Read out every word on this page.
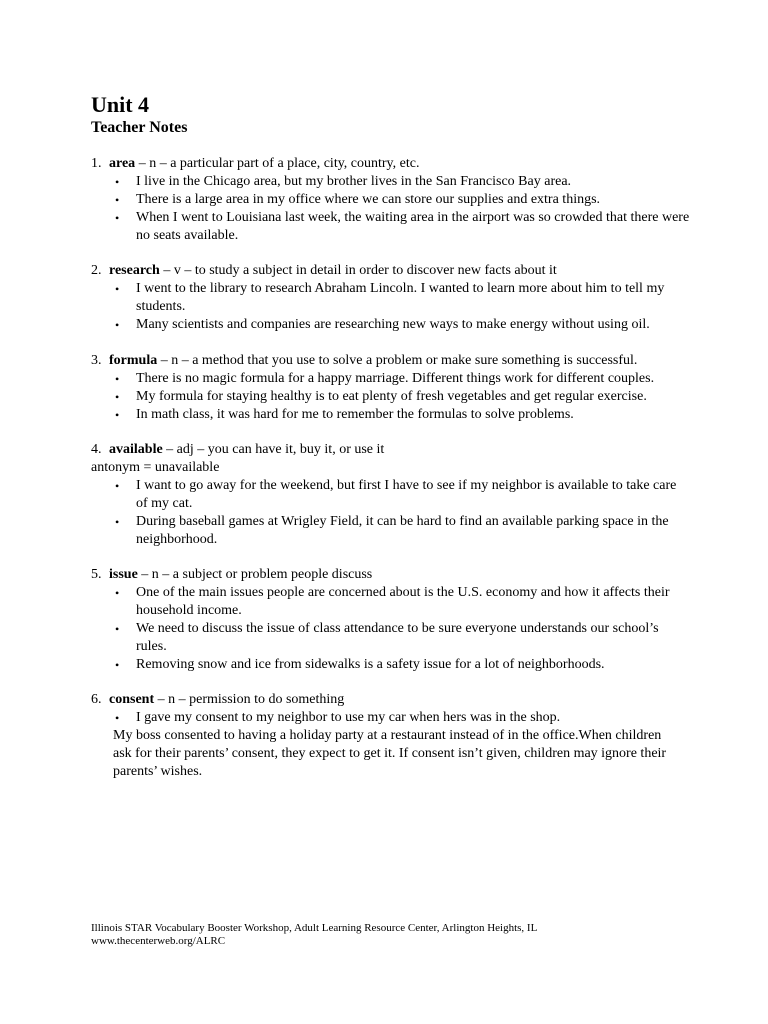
Unit 4
Teacher Notes
1. area – n – a particular part of a place, city, country, etc.
• I live in the Chicago area, but my brother lives in the San Francisco Bay area.
• There is a large area in my office where we can store our supplies and extra things.
• When I went to Louisiana last week, the waiting area in the airport was so crowded that there were no seats available.
2. research – v – to study a subject in detail in order to discover new facts about it
• I went to the library to research Abraham Lincoln. I wanted to learn more about him to tell my students.
• Many scientists and companies are researching new ways to make energy without using oil.
3. formula – n – a method that you use to solve a problem or make sure something is successful.
• There is no magic formula for a happy marriage. Different things work for different couples.
• My formula for staying healthy is to eat plenty of fresh vegetables and get regular exercise.
• In math class, it was hard for me to remember the formulas to solve problems.
4. available – adj – you can have it, buy it, or use it
antonym = unavailable
• I want to go away for the weekend, but first I have to see if my neighbor is available to take care of my cat.
• During baseball games at Wrigley Field, it can be hard to find an available parking space in the neighborhood.
5. issue – n – a subject or problem people discuss
• One of the main issues people are concerned about is the U.S. economy and how it affects their household income.
• We need to discuss the issue of class attendance to be sure everyone understands our school’s rules.
• Removing snow and ice from sidewalks is a safety issue for a lot of neighborhoods.
6. consent – n – permission to do something
• I gave my consent to my neighbor to use my car when hers was in the shop.
My boss consented to having a holiday party at a restaurant instead of in the office.When children ask for their parents’ consent, they expect to get it. If consent isn’t given, children may ignore their parents’ wishes.
Illinois STAR Vocabulary Booster Workshop, Adult Learning Resource Center, Arlington Heights, IL
www.thecenterweb.org/ALRC
